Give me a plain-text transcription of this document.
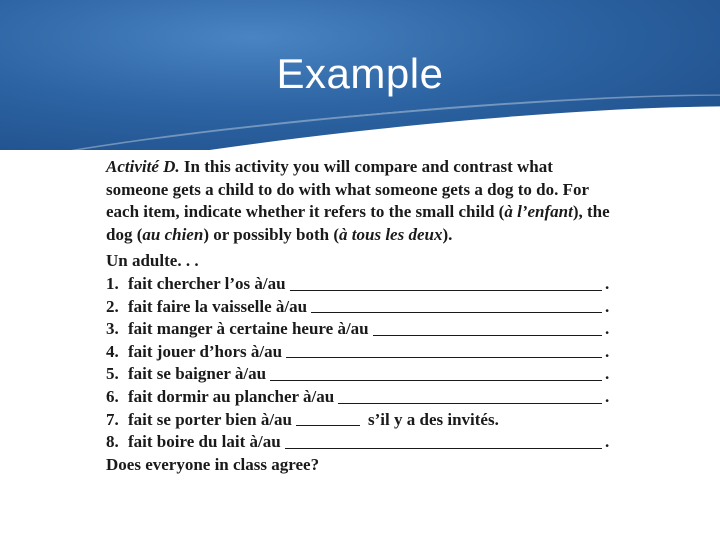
Example
Activité D. In this activity you will compare and contrast what someone gets a child to do with what someone gets a dog to do. For each item, indicate whether it refers to the small child (à l’enfant), the dog (au chien) or possibly both (à tous les deux).
Un adulte. . .
1. fait chercher l’os à/au	.
2. fait faire la vaisselle à/au	.
3. fait manger à certaine heure à/au	.
4. fait jouer d’hors à/au	.
5. fait se baigner à/au	.
6. fait dormir au plancher à/au	.
7. fait se porter bien à/au	s’il y a des invités.
8. fait boire du lait à/au	.
Does everyone in class agree?
